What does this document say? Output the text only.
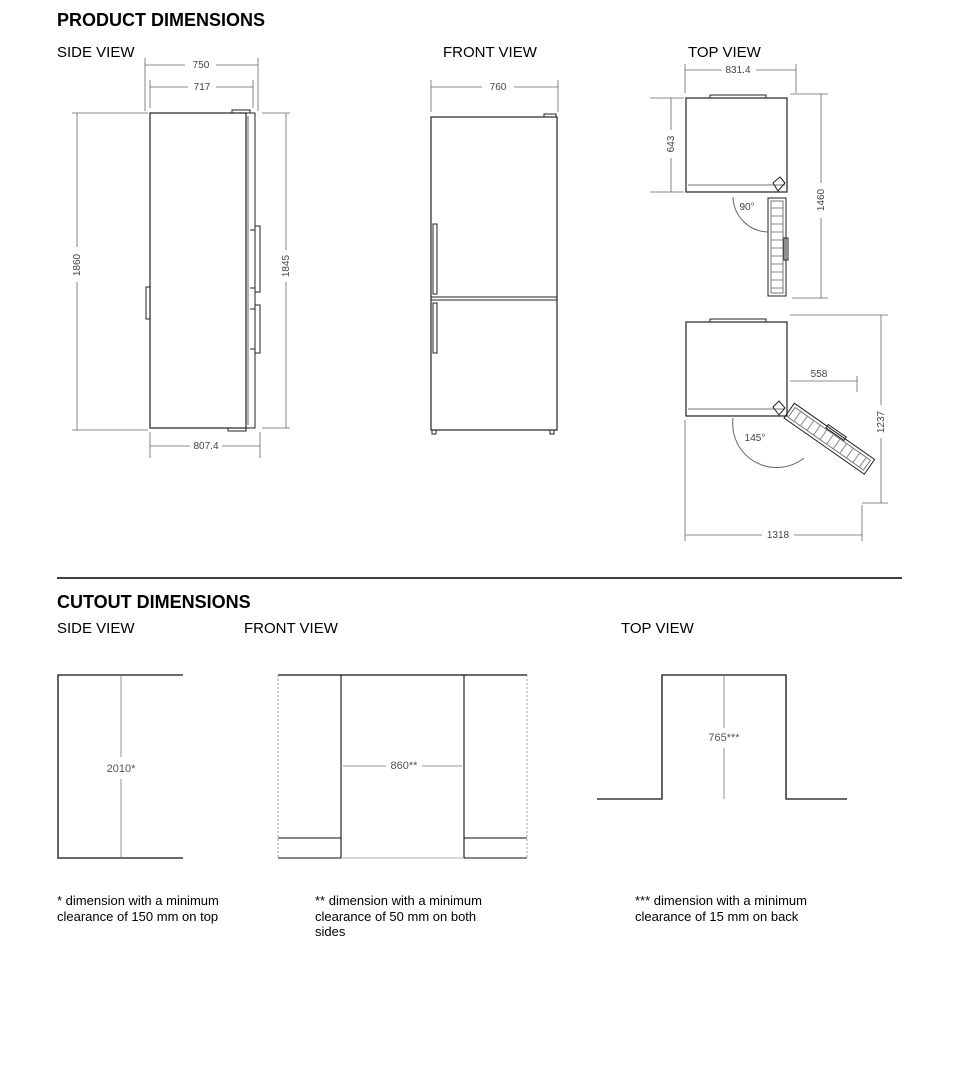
PRODUCT DIMENSIONS
SIDE VIEW	FRONT VIEW	TOP VIEW
CUTOUT DIMENSIONS
SIDE VIEW	FRONT VIEW	TOP VIEW
750
717
1860	1845
807.4
760
831.4
643
1460
90°
558
1237
145°
1318
2010*	860**
765***
* dimension with a minimum
clearance of 150 mm on top
** dimension with a minimum
clearance of 50 mm on both
sides
*** dimension with a minimum
clearance of 15 mm on back
